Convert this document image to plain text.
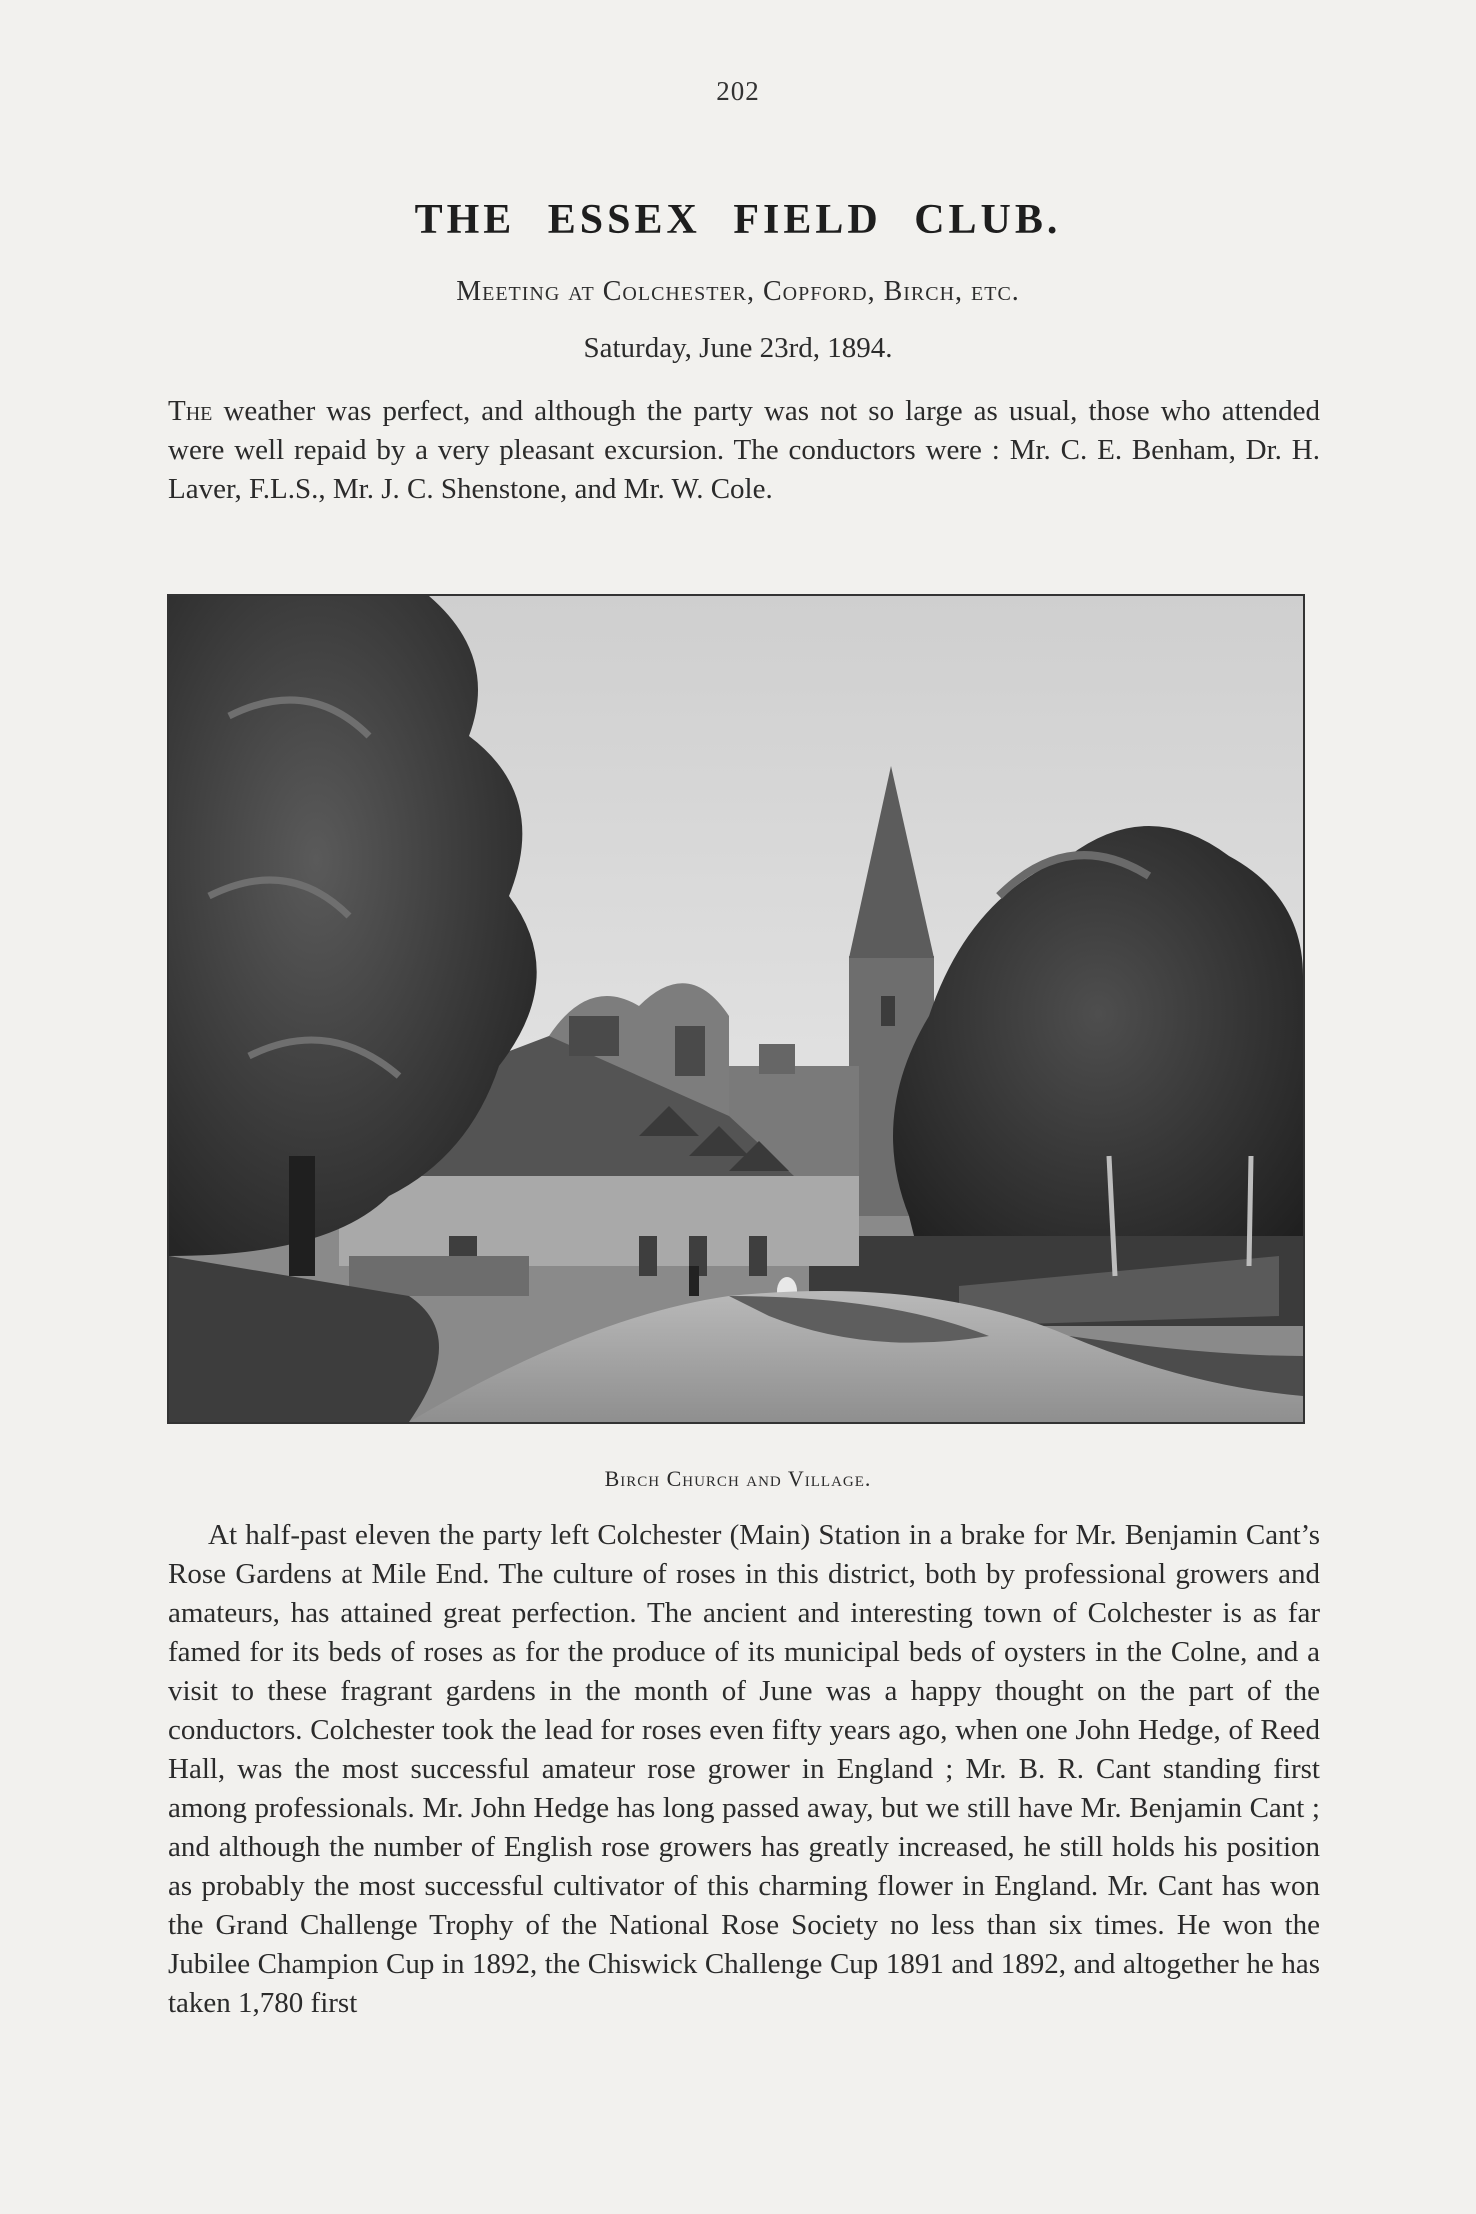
202
THE ESSEX FIELD CLUB.
Meeting at Colchester, Copford, Birch, etc.
Saturday, June 23rd, 1894.
The weather was perfect, and although the party was not so large as usual, those who attended were well repaid by a very pleasant excursion. The conductors were : Mr. C. E. Benham, Dr. H. Laver, F.L.S., Mr. J. C. Shenstone, and Mr. W. Cole.
Birch Church and Village.
At half-past eleven the party left Colchester (Main) Station in a brake for Mr. Benjamin Cant’s Rose Gardens at Mile End. The culture of roses in this district, both by professional growers and amateurs, has attained great perfection. The ancient and interesting town of Colchester is as far famed for its beds of roses as for the produce of its municipal beds of oysters in the Colne, and a visit to these fragrant gardens in the month of June was a happy thought on the part of the conductors. Colchester took the lead for roses even fifty years ago, when one John Hedge, of Reed Hall, was the most successful amateur rose grower in England ; Mr. B. R. Cant standing first among professionals. Mr. John Hedge has long passed away, but we still have Mr. Benjamin Cant ; and although the number of English rose growers has greatly increased, he still holds his position as probably the most successful cultivator of this charming flower in England. Mr. Cant has won the Grand Challenge Trophy of the National Rose Society no less than six times. He won the Jubilee Champion Cup in 1892, the Chiswick Challenge Cup 1891 and 1892, and altogether he has taken 1,780 first
